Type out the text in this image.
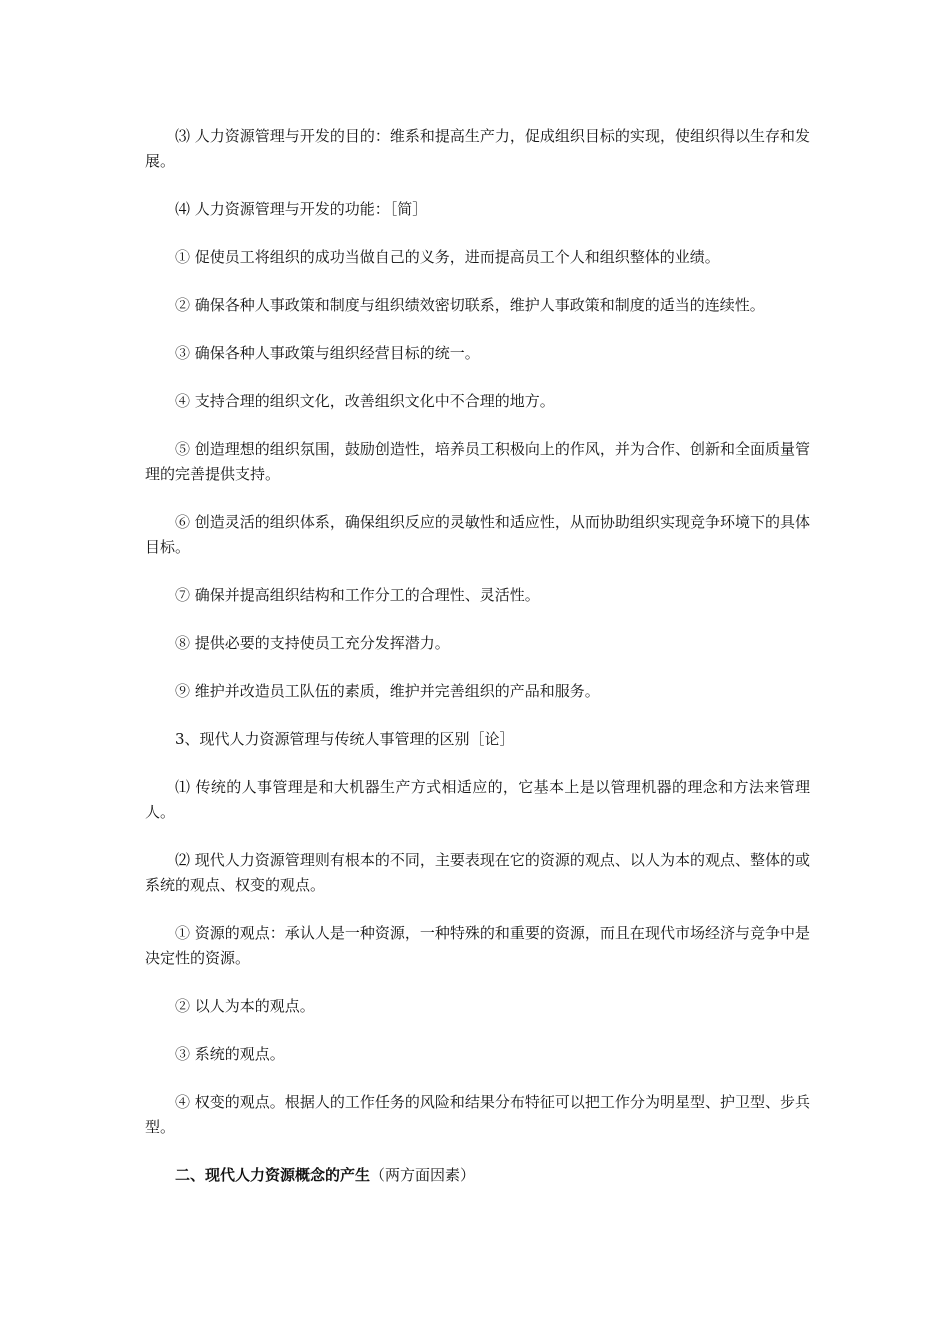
⑶ 人力资源管理与开发的目的：维系和提高生产力，促成组织目标的实现，使组织得以生存和发展。

⑷ 人力资源管理与开发的功能：［简］

① 促使员工将组织的成功当做自己的义务，进而提高员工个人和组织整体的业绩。

② 确保各种人事政策和制度与组织绩效密切联系，维护人事政策和制度的适当的连续性。

③ 确保各种人事政策与组织经营目标的统一。

④ 支持合理的组织文化，改善组织文化中不合理的地方。

⑤ 创造理想的组织氛围，鼓励创造性，培养员工积极向上的作风，并为合作、创新和全面质量管理的完善提供支持。

⑥ 创造灵活的组织体系，确保组织反应的灵敏性和适应性，从而协助组织实现竞争环境下的具体目标。

⑦ 确保并提高组织结构和工作分工的合理性、灵活性。

⑧ 提供必要的支持使员工充分发挥潜力。

⑨ 维护并改造员工队伍的素质，维护并完善组织的产品和服务。

3、现代人力资源管理与传统人事管理的区别［论］

⑴ 传统的人事管理是和大机器生产方式相适应的，它基本上是以管理机器的理念和方法来管理人。

⑵ 现代人力资源管理则有根本的不同，主要表现在它的资源的观点、以人为本的观点、整体的或系统的观点、权变的观点。

① 资源的观点：承认人是一种资源，一种特殊的和重要的资源，而且在现代市场经济与竞争中是决定性的资源。

② 以人为本的观点。

③ 系统的观点。

④ 权变的观点。根据人的工作任务的风险和结果分布特征可以把工作分为明星型、护卫型、步兵型。

二、现代人力资源概念的产生（两方面因素）
